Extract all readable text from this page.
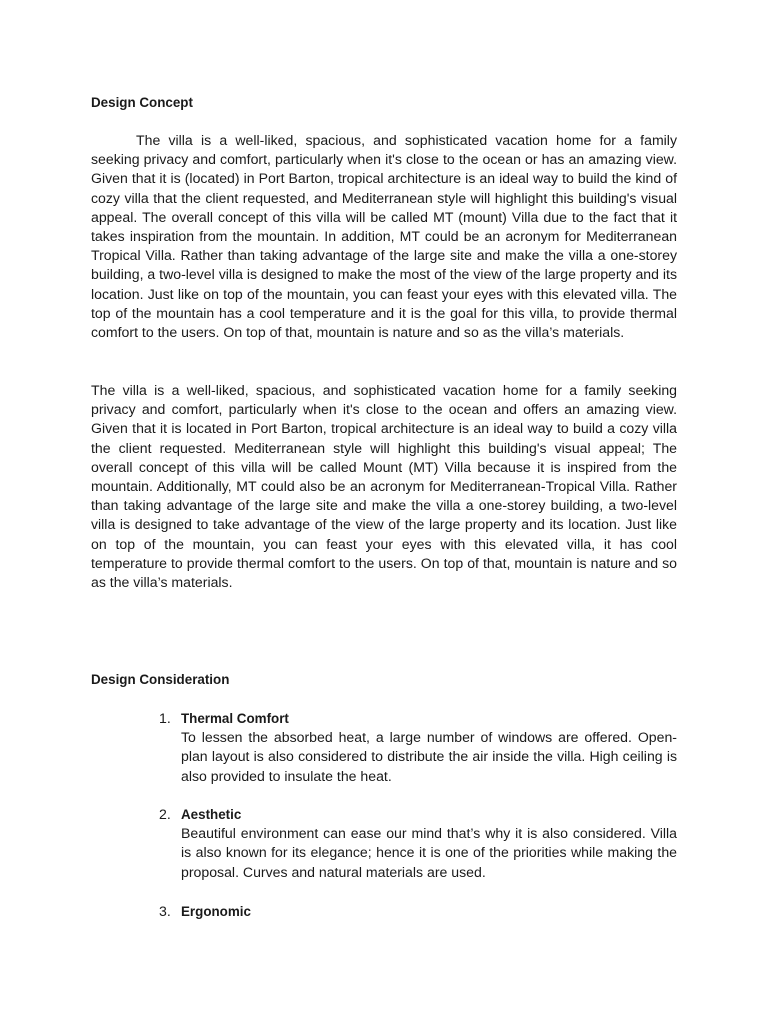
Design Concept

The villa is a well-liked, spacious, and sophisticated vacation home for a family seeking privacy and comfort, particularly when it's close to the ocean or has an amazing view. Given that it is (located) in Port Barton, tropical architecture is an ideal way to build the kind of cozy villa that the client requested, and Mediterranean style will highlight this building's visual appeal. The overall concept of this villa will be called MT (mount) Villa due to the fact that it takes inspiration from the mountain. In addition, MT could be an acronym for Mediterranean Tropical Villa. Rather than taking advantage of the large site and make the villa a one-storey building, a two-level villa is designed to make the most of the view of the large property and its location. Just like on top of the mountain, you can feast your eyes with this elevated villa. The top of the mountain has a cool temperature and it is the goal for this villa, to provide thermal comfort to the users. On top of that, mountain is nature and so as the villa’s materials.

The villa is a well-liked, spacious, and sophisticated vacation home for a family seeking privacy and comfort, particularly when it's close to the ocean and offers an amazing view. Given that it is located in Port Barton, tropical architecture is an ideal way to build a cozy villa the client requested. Mediterranean style will highlight this building's visual appeal; The overall concept of this villa will be called Mount (MT) Villa because it is inspired from the mountain. Additionally, MT could also be an acronym for Mediterranean-Tropical Villa. Rather than taking advantage of the large site and make the villa a one-storey building, a two-level villa is designed to take advantage of the view of the large property and its location. Just like on top of the mountain, you can feast your eyes with this elevated villa, it has cool temperature to provide thermal comfort to the users. On top of that, mountain is nature and so as the villa’s materials.

Design Consideration
1. Thermal Comfort
To lessen the absorbed heat, a large number of windows are offered. Open-plan layout is also considered to distribute the air inside the villa. High ceiling is also provided to insulate the heat.
2. Aesthetic
Beautiful environment can ease our mind that’s why it is also considered. Villa is also known for its elegance; hence it is one of the priorities while making the proposal. Curves and natural materials are used.
3. Ergonomic
